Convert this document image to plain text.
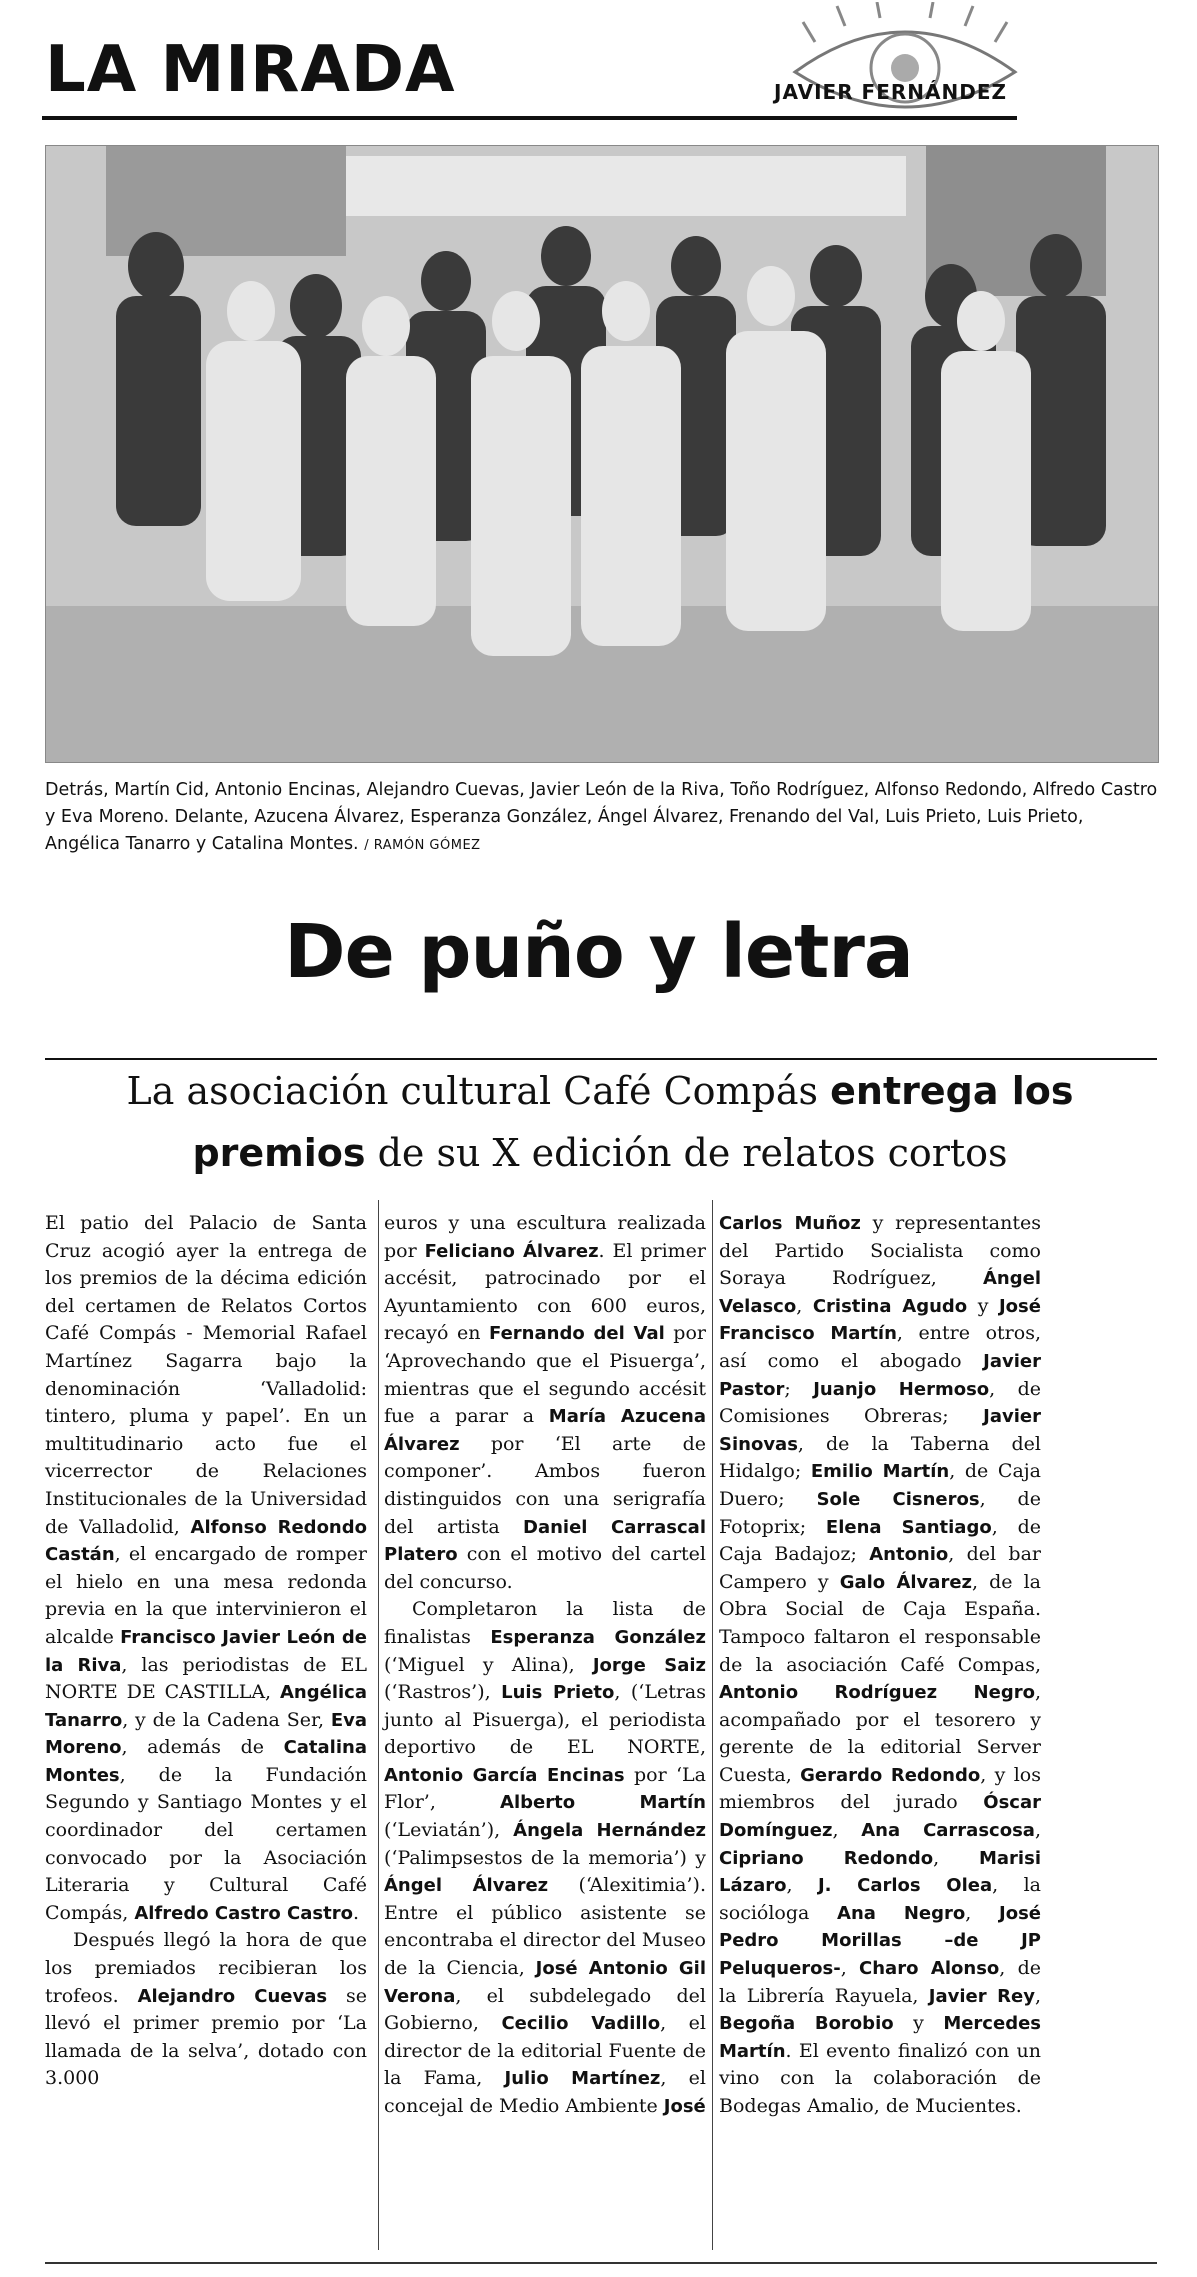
LA MIRADA	JAVIER FERNÁNDEZ
Detrás, Martín Cid, Antonio Encinas, Alejandro Cuevas, Javier León de la Riva, Toño Rodríguez, Alfonso Redondo, Alfredo Castro y Eva Moreno. Delante, Azucena Álvarez, Esperanza González, Ángel Álvarez, Frenando del Val, Luis Prieto, Luis Prieto, Angélica Tanarro y Catalina Montes. / RAMÓN GÓMEZ
De puño y letra
La asociación cultural Café Compás entrega los premios de su X edición de relatos cortos

El patio del Palacio de Santa Cruz acogió ayer la entrega de los premios de la décima edición del certamen de Relatos Cortos Café Compás - Memorial Rafael Martínez Sagarra bajo la denominación ‘Valladolid: tintero, pluma y papel’. En un multitudinario acto fue el vicerrector de Relaciones Institucionales de la Universidad de Valladolid, Alfonso Redondo Castán, el encargado de romper el hielo en una mesa redonda previa en la que intervinieron el alcalde Francisco Javier León de la Riva, las periodistas de EL NORTE DE CASTILLA, Angélica Tanarro, y de la Cadena Ser, Eva Moreno, además de Catalina Montes, de la Fundación Segundo y Santiago Montes y el coordinador del certamen convocado por la Asociación Literaria y Cultural Café Compás, Alfredo Castro Castro.

Después llegó la hora de que los premiados recibieran los trofeos. Alejandro Cuevas se llevó el primer premio por ‘La llamada de la selva’, dotado con 3.000

euros y una escultura realizada por Feliciano Álvarez. El primer accésit, patrocinado por el Ayuntamiento con 600 euros, recayó en Fernando del Val por ‘Aprovechando que el Pisuerga’, mientras que el segundo accésit fue a parar a María Azucena Álvarez por ‘El arte de componer’. Ambos fueron distinguidos con una serigrafía del artista Daniel Carrascal Platero con el motivo del cartel del concurso.

Completaron la lista de finalistas Esperanza González (‘Miguel y Alina), Jorge Saiz (‘Rastros’), Luis Prieto, (‘Letras junto al Pisuerga), el periodista deportivo de EL NORTE, Antonio García Encinas por ‘La Flor’, Alberto Martín (‘Leviatán’), Ángela Hernández (‘Palimpsestos de la memoria’) y Ángel Álvarez (‘Alexitimia’). Entre el público asistente se encontraba el director del Museo de la Ciencia, José Antonio Gil Verona, el subdelegado del Gobierno, Cecilio Vadillo, el director de la editorial Fuente de la Fama, Julio Martínez, el concejal de Medio Ambiente José

Carlos Muñoz y representantes del Partido Socialista como Soraya Rodríguez, Ángel Velasco, Cristina Agudo y José Francisco Martín, entre otros, así como el abogado Javier Pastor; Juanjo Hermoso, de Comisiones Obreras; Javier Sinovas, de la Taberna del Hidalgo; Emilio Martín, de Caja Duero; Sole Cisneros, de Fotoprix; Elena Santiago, de Caja Badajoz; Antonio, del bar Campero y Galo Álvarez, de la Obra Social de Caja España. Tampoco faltaron el responsable de la asociación Café Compas, Antonio Rodríguez Negro, acompañado por el tesorero y gerente de la editorial Server Cuesta, Gerardo Redondo, y los miembros del jurado Óscar Domínguez, Ana Carrascosa, Cipriano Redondo, Marisi Lázaro, J. Carlos Olea, la socióloga Ana Negro, José Pedro Morillas –de JP Peluqueros-, Charo Alonso, de la Librería Rayuela, Javier Rey, Begoña Borobio y Mercedes Martín. El evento finalizó con un vino con la colaboración de Bodegas Amalio, de Mucientes.
